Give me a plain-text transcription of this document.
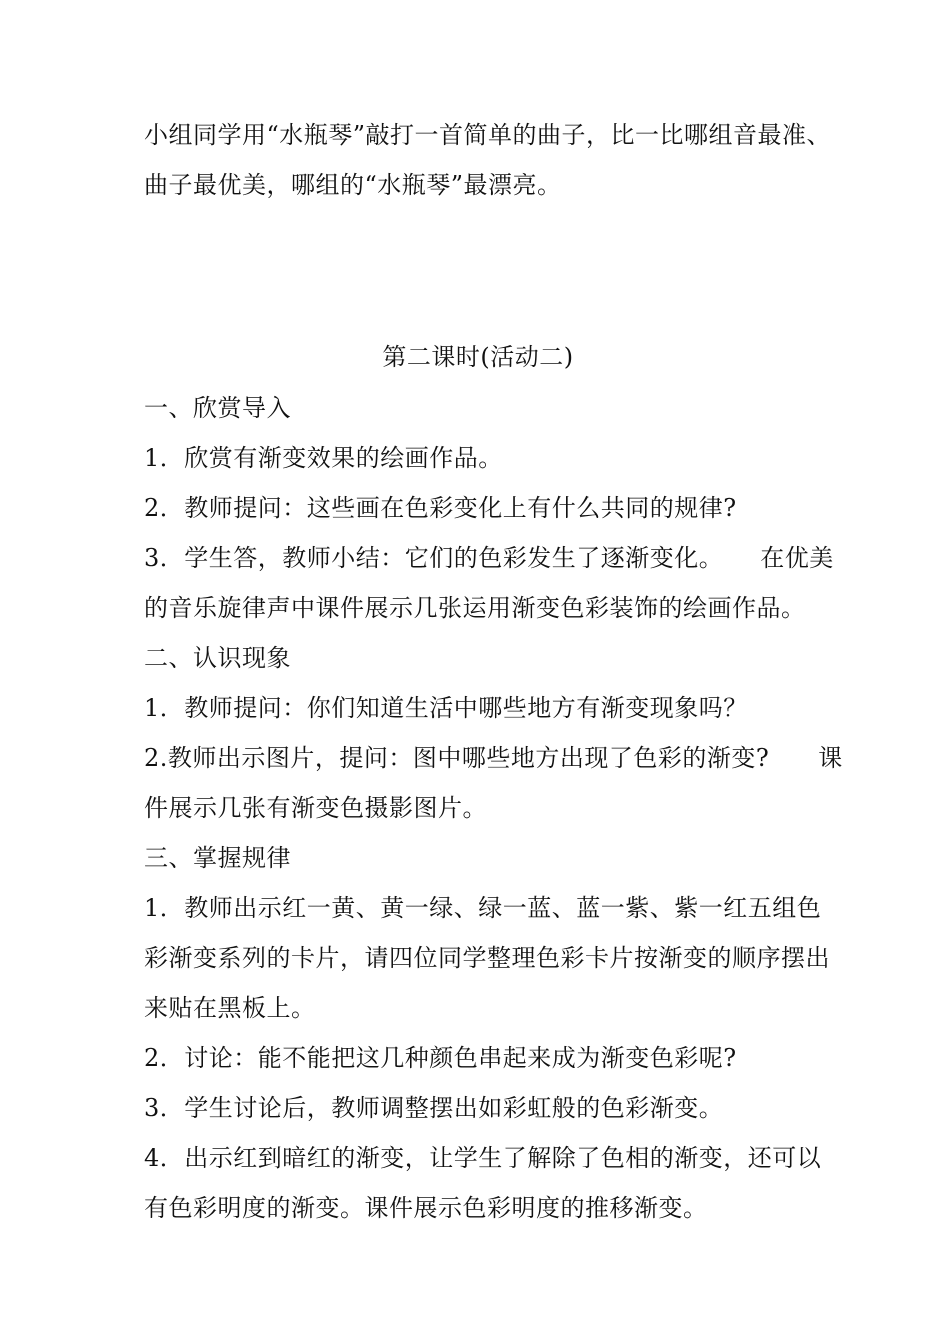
小组同学用“水瓶琴”敲打一首简单的曲子，比一比哪组音最准、
曲子最优美，哪组的“水瓶琴”最漂亮。
第二课时(活动二)
一、欣赏导入
1．欣赏有渐变效果的绘画作品。
2．教师提问：这些画在色彩变化上有什么共同的规律?
3．学生答，教师小结：它们的色彩发生了逐渐变化。　　在优美
的音乐旋律声中课件展示几张运用渐变色彩装饰的绘画作品。
二、认识现象
1．教师提问：你们知道生活中哪些地方有渐变现象吗？
2.教师出示图片，提问：图中哪些地方出现了色彩的渐变?　　课
件展示几张有渐变色摄影图片。
三、掌握规律
1．教师出示红一黄、黄一绿、绿一蓝、蓝一紫、紫一红五组色
彩渐变系列的卡片，请四位同学整理色彩卡片按渐变的顺序摆出
来贴在黑板上。
2．讨论：能不能把这几种颜色串起来成为渐变色彩呢?
3．学生讨论后，教师调整摆出如彩虹般的色彩渐变。
4．出示红到暗红的渐变，让学生了解除了色相的渐变，还可以
有色彩明度的渐变。课件展示色彩明度的推移渐变。
